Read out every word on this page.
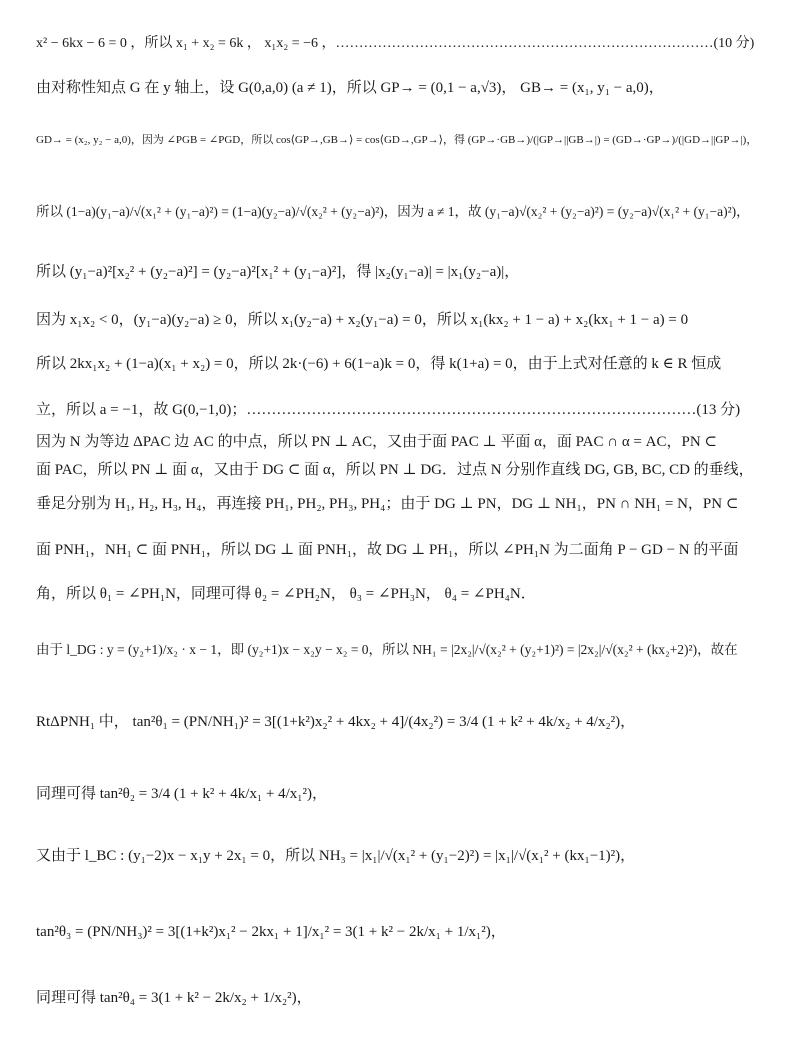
x² − 6kx − 6 = 0 ，所以 x₁ + x₂ = 6k ， x₁x₂ = −6 ，………………………………………………………………………(10 分)
由对称性知点 G 在 y 轴上，设 G(0,a,0) (a ≠ 1)，所以 GP→ = (0,1 − a,√3)， GB→ = (x₁, y₁ − a,0)，
GD→ = (x₂, y₂ − a,0)，因为 ∠PGB = ∠PGD，所以 cos⟨GP→,GB→⟩ = cos⟨GD→,GP→⟩，得 (GP→·GB→)/(|GP→||GB→|) = (GD→·GP→)/(|GD→||GP→|)，
所以 (1−a)(y₁−a)/√(x₁² + (y₁−a)²) = (1−a)(y₂−a)/√(x₂² + (y₂−a)²)，因为 a ≠ 1，故 (y₁−a)√(x₂² + (y₂−a)²) = (y₂−a)√(x₁² + (y₁−a)²)，
所以 (y₁−a)²[x₂² + (y₂−a)²] = (y₂−a)²[x₁² + (y₁−a)²]，得 |x₂(y₁−a)| = |x₁(y₂−a)|，
因为 x₁x₂ < 0，(y₁−a)(y₂−a) ≥ 0，所以 x₁(y₂−a) + x₂(y₁−a) = 0，所以 x₁(kx₂ + 1 − a) + x₂(kx₁ + 1 − a) = 0
所以 2kx₁x₂ + (1−a)(x₁ + x₂) = 0，所以 2k·(−6) + 6(1−a)k = 0，得 k(1+a) = 0，由于上式对任意的 k ∈ R 恒成
立，所以 a = −1，故 G(0,−1,0)；………………………………………………………………………………(13 分)
因为 N 为等边 ΔPAC 边 AC 的中点，所以 PN ⊥ AC，又由于面 PAC ⊥ 平面 α，面 PAC ∩ α = AC，PN ⊂
面 PAC，所以 PN ⊥ 面 α，又由于 DG ⊂ 面 α，所以 PN ⊥ DG．过点 N 分别作直线 DG, GB, BC, CD 的垂线，
垂足分别为 H₁, H₂, H₃, H₄，再连接 PH₁, PH₂, PH₃, PH₄；由于 DG ⊥ PN，DG ⊥ NH₁，PN ∩ NH₁ = N，PN ⊂
面 PNH₁，NH₁ ⊂ 面 PNH₁，所以 DG ⊥ 面 PNH₁，故 DG ⊥ PH₁，所以 ∠PH₁N 为二面角 P − GD − N 的平面
角，所以 θ₁ = ∠PH₁N，同理可得 θ₂ = ∠PH₂N， θ₃ = ∠PH₃N， θ₄ = ∠PH₄N．
由于 l_DG : y = (y₂+1)/x₂ · x − 1，即 (y₂+1)x − x₂y − x₂ = 0，所以 NH₁ = |2x₂|/√(x₂² + (y₂+1)²) = |2x₂|/√(x₂² + (kx₂+2)²)，故在
RtΔPNH₁ 中， tan²θ₁ = (PN/NH₁)² = 3[(1+k²)x₂² + 4kx₂ + 4]/(4x₂²) = 3/4 (1 + k² + 4k/x₂ + 4/x₂²)，
同理可得 tan²θ₂ = 3/4 (1 + k² + 4k/x₁ + 4/x₁²)，
又由于 l_BC : (y₁−2)x − x₁y + 2x₁ = 0，所以 NH₃ = |x₁|/√(x₁² + (y₁−2)²) = |x₁|/√(x₁² + (kx₁−1)²)，
tan²θ₃ = (PN/NH₃)² = 3[(1+k²)x₁² − 2kx₁ + 1]/x₁² = 3(1 + k² − 2k/x₁ + 1/x₁²)，
同理可得 tan²θ₄ = 3(1 + k² − 2k/x₂ + 1/x₂²)，
